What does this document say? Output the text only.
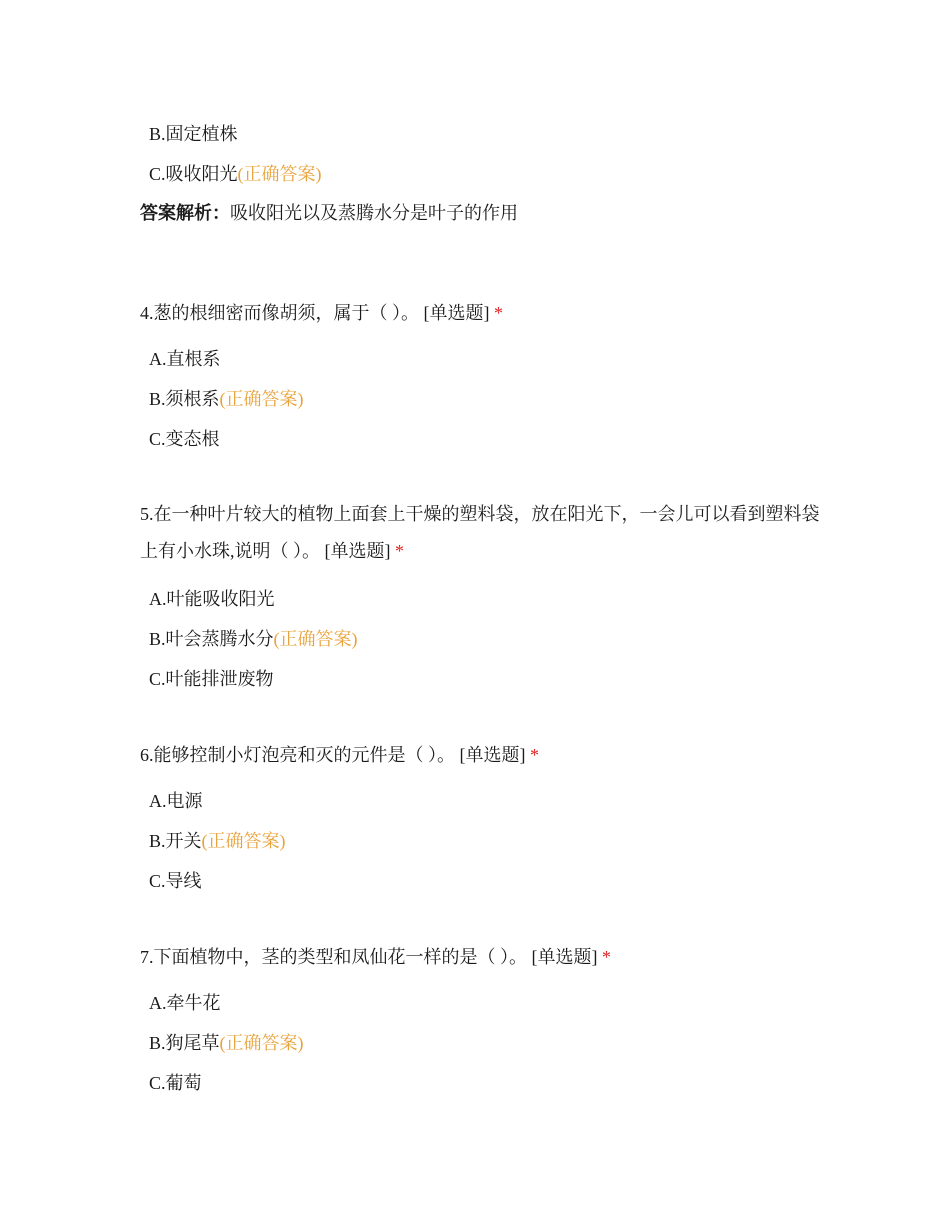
B.固定植株
C.吸收阳光(正确答案)
答案解析：吸收阳光以及蒸腾水分是叶子的作用
4.葱的根细密而像胡须，属于（ ）。 [单选题] *
A.直根系
B.须根系(正确答案)
C.变态根
5.在一种叶片较大的植物上面套上干燥的塑料袋，放在阳光下，一会儿可以看到塑料袋上有小水珠,说明（ ）。 [单选题] *
A.叶能吸收阳光
B.叶会蒸腾水分(正确答案)
C.叶能排泄废物
6.能够控制小灯泡亮和灭的元件是（ ）。 [单选题] *
A.电源
B.开关(正确答案)
C.导线
7.下面植物中，茎的类型和凤仙花一样的是（ ）。 [单选题] *
A.牵牛花
B.狗尾草(正确答案)
C.葡萄
